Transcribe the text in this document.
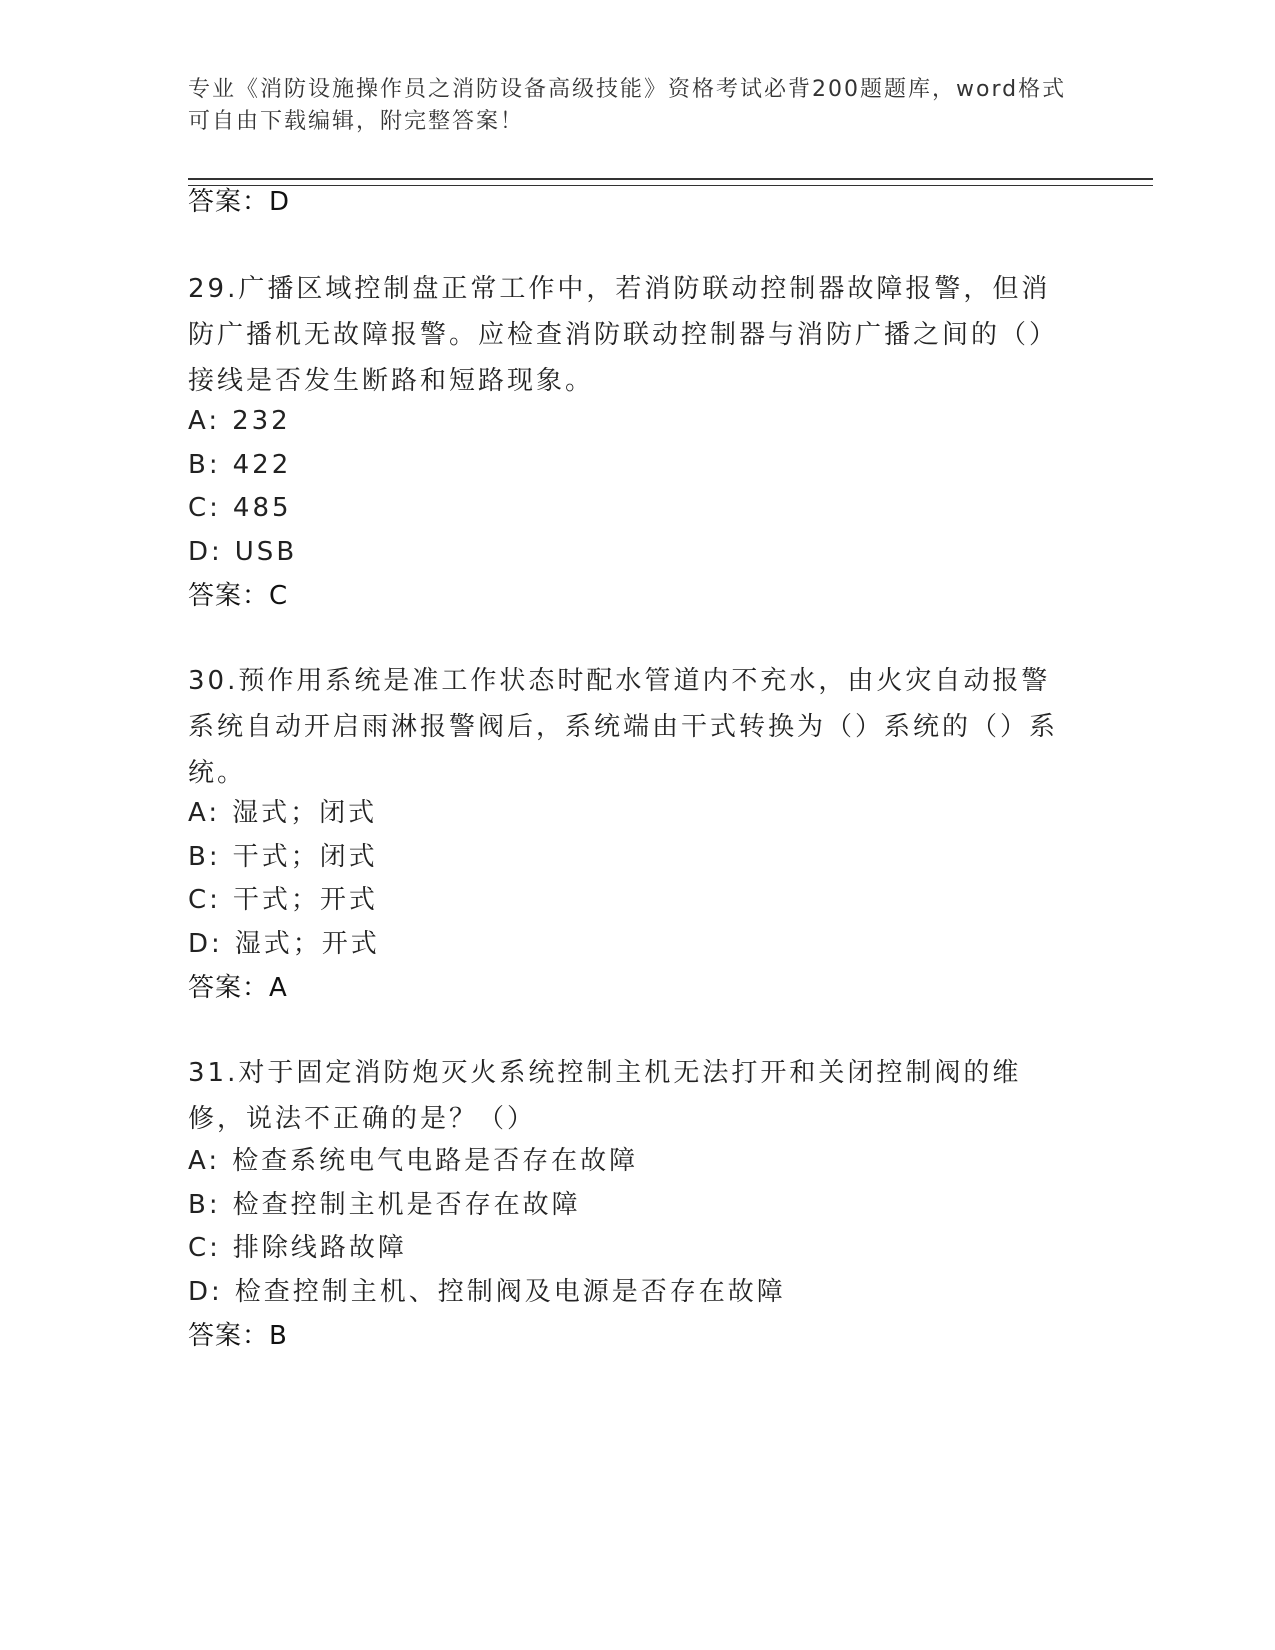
专业《消防设施操作员之消防设备高级技能》资格考试必背200题题库，word格式可自由下载编辑，附完整答案！
答案：D
29.广播区域控制盘正常工作中，若消防联动控制器故障报警，但消防广播机无故障报警。应检查消防联动控制器与消防广播之间的（）接线是否发生断路和短路现象。
A: 232
B: 422
C: 485
D: USB
答案：C
30.预作用系统是准工作状态时配水管道内不充水，由火灾自动报警系统自动开启雨淋报警阀后，系统端由干式转换为（）系统的（）系统。
A: 湿式；闭式
B: 干式；闭式
C: 干式；开式
D: 湿式；开式
答案：A
31.对于固定消防炮灭火系统控制主机无法打开和关闭控制阀的维修，说法不正确的是？（）
A: 检查系统电气电路是否存在故障
B: 检查控制主机是否存在故障
C: 排除线路故障
D: 检查控制主机、控制阀及电源是否存在故障
答案：B
